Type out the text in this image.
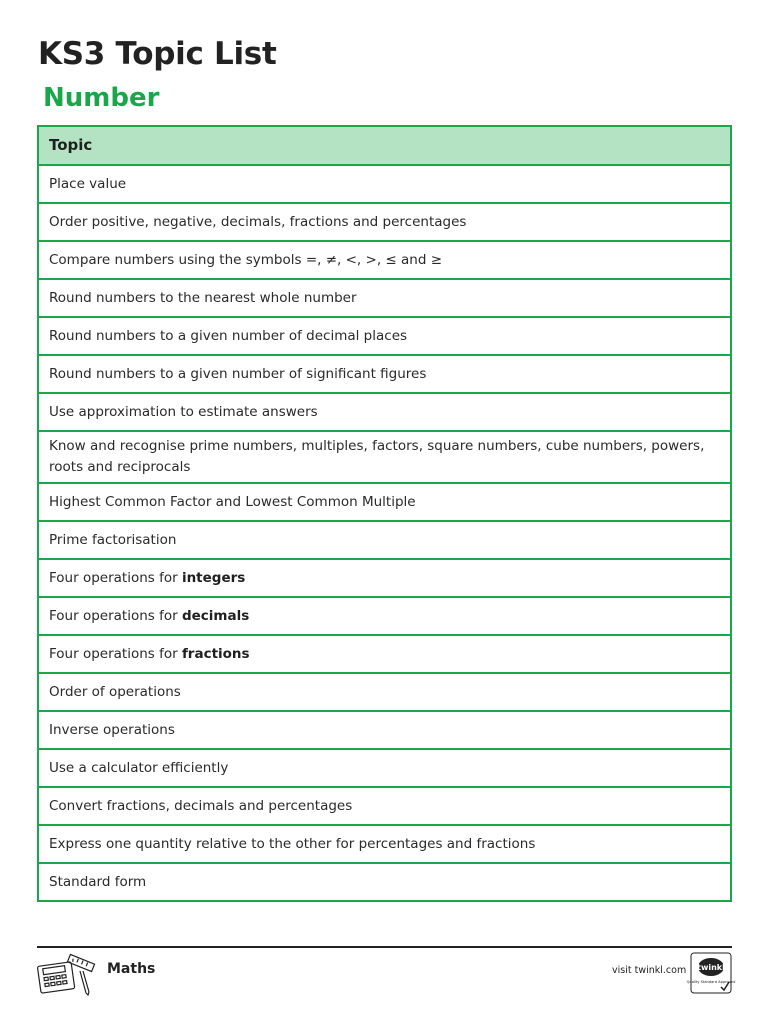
KS3 Topic List
Number
Topic
Place value
Order positive, negative, decimals, fractions and percentages
Compare numbers using the symbols =, ≠, <, >, ≤ and ≥
Round numbers to the nearest whole number
Round numbers to a given number of decimal places
Round numbers to a given number of significant figures
Use approximation to estimate answers
Know and recognise prime numbers, multiples, factors, square numbers, cube numbers, powers, roots and reciprocals
Highest Common Factor and Lowest Common Multiple
Prime factorisation
Four operations for integers
Four operations for decimals
Four operations for fractions
Order of operations
Inverse operations
Use a calculator efficiently
Convert fractions, decimals and percentages
Express one quantity relative to the other for percentages and fractions
Standard form
Maths	visit twinkl.com twinkl
Quality Standard Approved
